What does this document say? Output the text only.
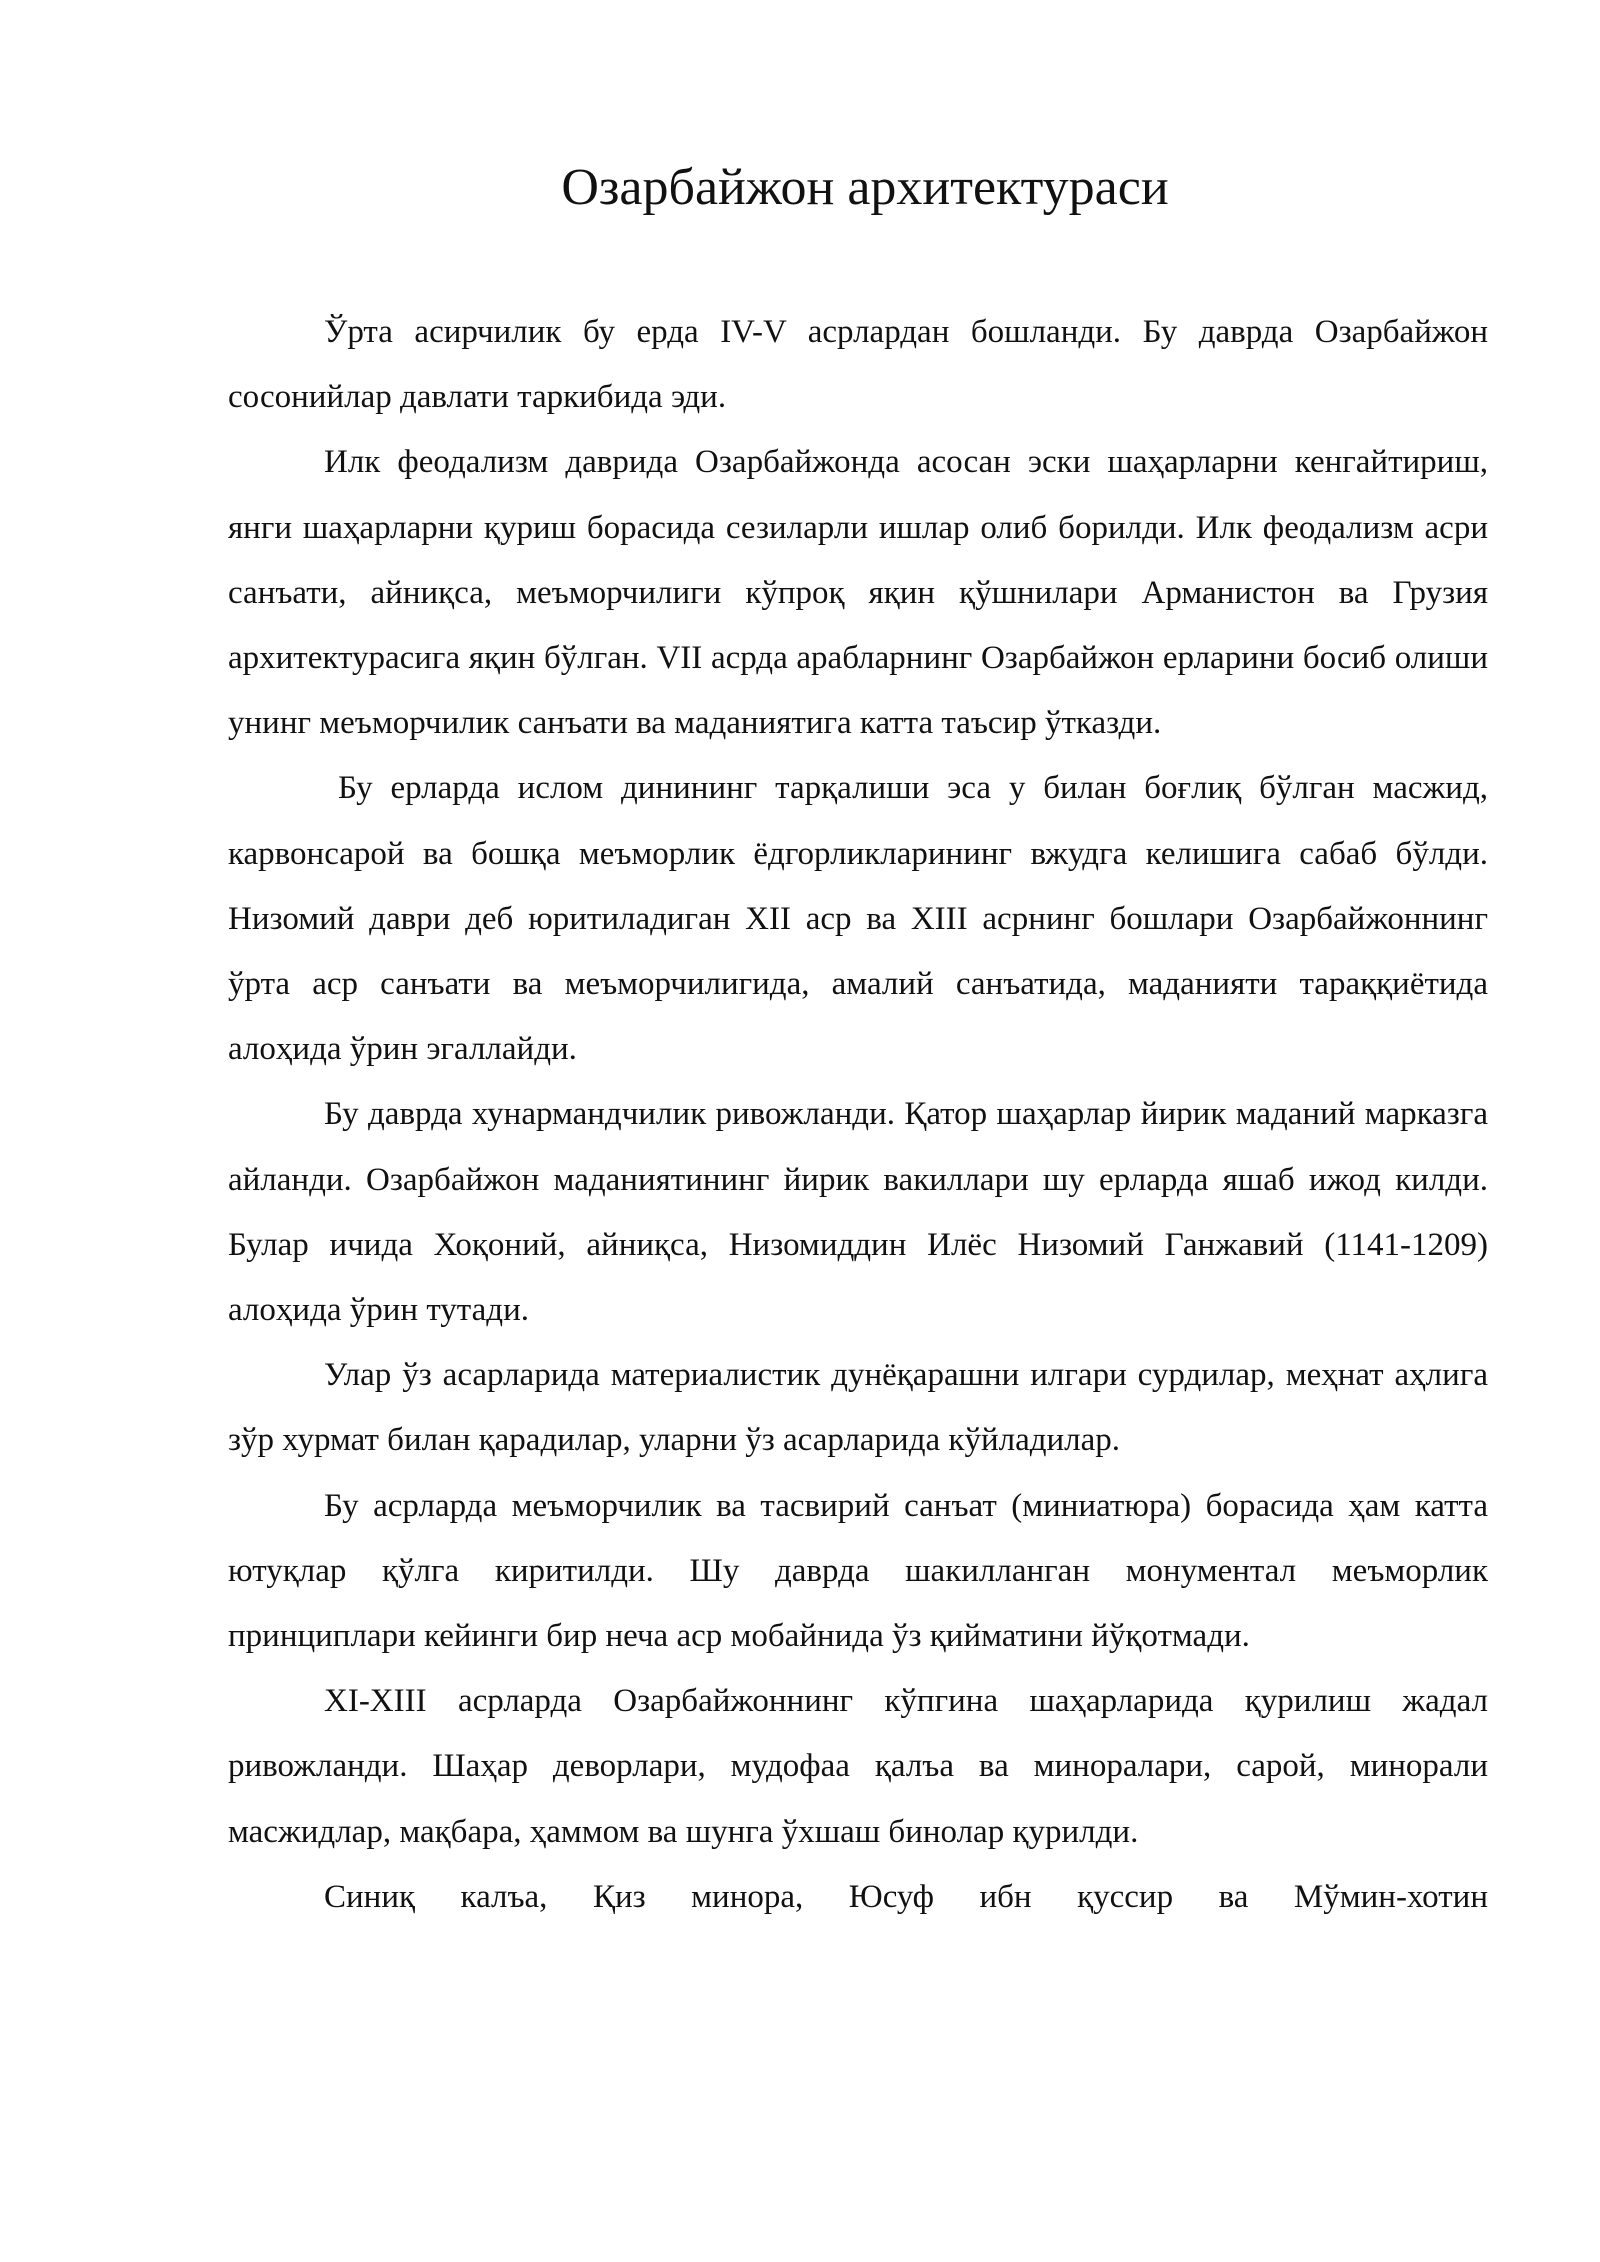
Озарбайжон архитектураси

Ўрта асирчилик бу ерда IV-V асрлардан бошланди. Бу даврда Озарбайжон сосонийлар давлати таркибида эди.

Илк феодализм даврида Озарбайжонда асосан эски шаҳарларни кенгайтириш, янги шаҳарларни қуриш борасида сезиларли ишлар олиб борилди. Илк феодализм асри санъати, айниқса, меъморчилиги кўпроқ яқин қўшнилари Арманистон ва Грузия архитектурасига яқин бўлган. VII асрда арабларнинг Озарбайжон ерларини босиб олиши унинг меъморчилик санъати ва маданиятига катта таъсир ўтказди.

Бу ерларда ислом динининг тарқалиши эса у билан боғлиқ бўлган масжид, карвонсарой ва бошқа меъморлик ёдгорликларининг вжудга келишига сабаб бўлди. Низомий даври деб юритиладиган XII аср ва XIII асрнинг бошлари Озарбайжоннинг ўрта аср санъати ва меъморчилигида, амалий санъатида, маданияти тараққиётида алоҳида ўрин эгаллайди.

Бу даврда хунармандчилик ривожланди. Қатор шаҳарлар йирик маданий марказга айланди. Озарбайжон маданиятининг йирик вакиллари шу ерларда яшаб ижод килди. Булар ичида Хоқоний, айниқса, Низомиддин Илёс Низомий Ганжавий (1141-1209) алоҳида ўрин тутади.

Улар ўз асарларида материалистик дунёқарашни илгари сурдилар, меҳнат аҳлига зўр хурмат билан қарадилар, уларни ўз асарларида кўйладилар.

Бу асрларда меъморчилик ва тасвирий санъат (миниатюра) борасида ҳам катта ютуқлар қўлга киритилди. Шу даврда шакилланган монументал меъморлик принциплари кейинги бир неча аср мобайнида ўз қийматини йўқотмади.

XI-XIII асрларда Озарбайжоннинг кўпгина шаҳарларида қурилиш жадал ривожланди. Шаҳар деворлари, мудофаа қалъа ва миноралари, сарой, минорали масжидлар, мақбара, ҳаммом ва шунга ўхшаш бинолар қурилди.

Синиқ калъа, Қиз минора, Юсуф ибн қуссир ва Мўмин-хотин
